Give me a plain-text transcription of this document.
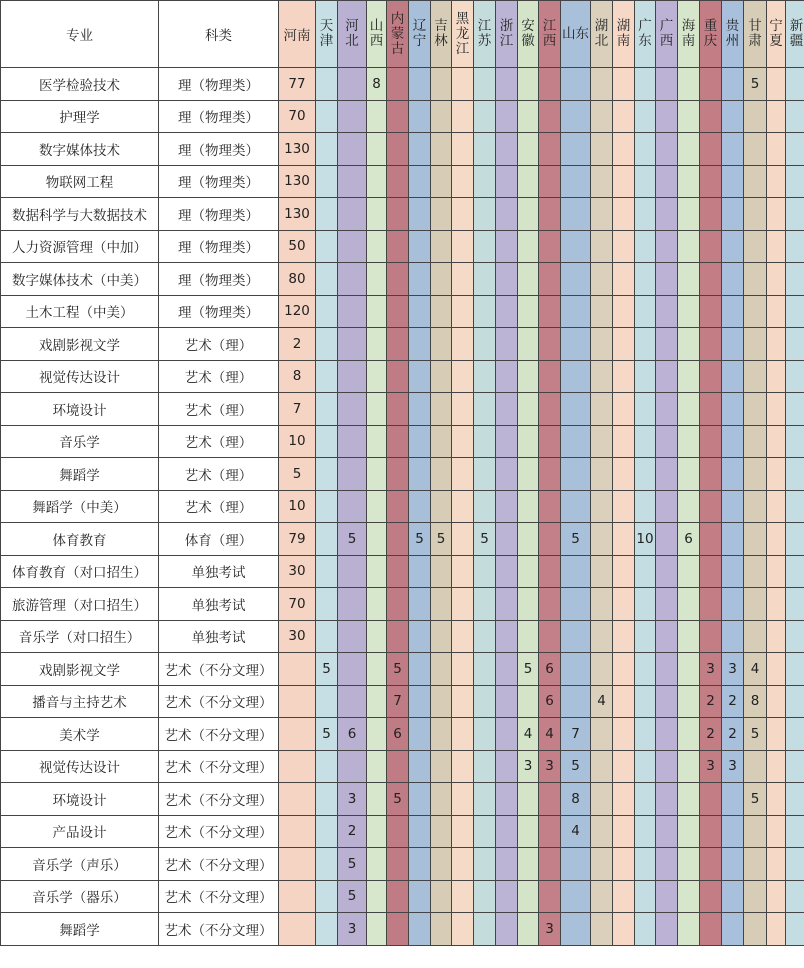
专业	科类	河南	天津	河北	山西	内蒙古	辽宁	吉林	黑龙江	江苏	浙江	安徽	江西	山东	湖北	湖南	广东	广西	海南	重庆	贵州	甘肃	宁夏	新疆
医学检验技术	理（物理类）	77			8																	5		
护理学	理（物理类）	70																						
数字媒体技术	理（物理类）	130																						
物联网工程	理（物理类）	130																						
数据科学与大数据技术	理（物理类）	130																						
人力资源管理（中加）	理（物理类）	50																						
数字媒体技术（中美）	理（物理类）	80																						
土木工程（中美）	理（物理类）	120																						
戏剧影视文学	艺术（理）	2																						
视觉传达设计	艺术（理）	8																						
环境设计	艺术（理）	7																						
音乐学	艺术（理）	10																						
舞蹈学	艺术（理）	5																						
舞蹈学（中美）	艺术（理）	10																						
体育教育	体育（理）	79		5			5	5		5				5			10		6					
体育教育（对口招生）	单独考试	30																						
旅游管理（对口招生）	单独考试	70																						
音乐学（对口招生）	单独考试	30																						
戏剧影视文学	艺术（不分文理）		5			5						5	6							3	3	4		
播音与主持艺术	艺术（不分文理）					7							6		4					2	2	8		
美术学	艺术（不分文理）		5	6		6						4	4	7						2	2	5		
视觉传达设计	艺术（不分文理）											3	3	5						3	3			
环境设计	艺术（不分文理）			3		5								8								5		
产品设计	艺术（不分文理）			2										4										
音乐学（声乐）	艺术（不分文理）			5																				
音乐学（器乐）	艺术（不分文理）			5																				
舞蹈学	艺术（不分文理）			3									3											
